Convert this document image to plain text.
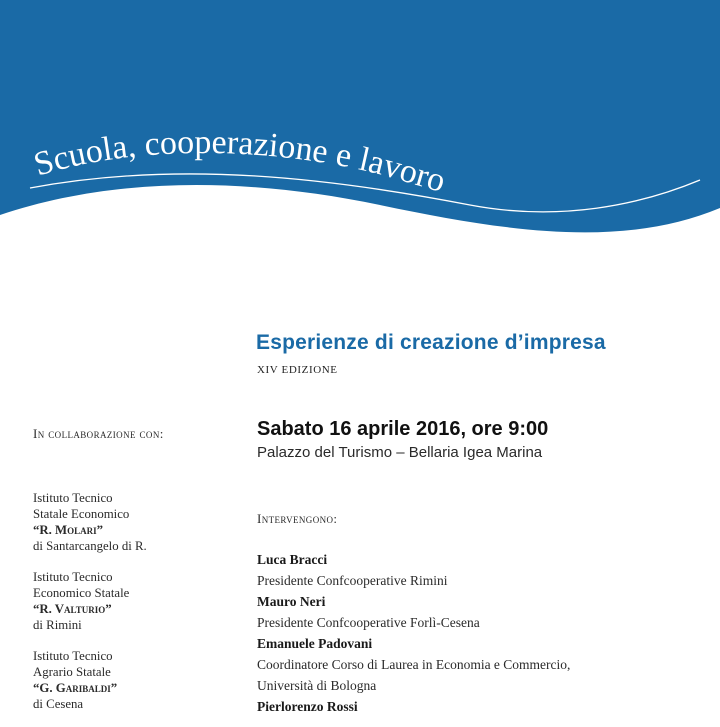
Scuola, cooperazione e lavoro
Esperienze di creazione d’impresa
XIV EDIZIONE
In collaborazione con:
Istituto Tecnico
Statale Economico
“R. Molari”
di Santarcangelo di R.
Istituto Tecnico
Economico Statale
“R. Valturio”
di Rimini
Istituto Tecnico
Agrario Statale
“G. Garibaldi”
di Cesena
Sabato 16 aprile 2016, ore 9:00
Palazzo del Turismo – Bellaria Igea Marina
Intervengono:
Luca Bracci
Presidente Confcooperative Rimini
Mauro Neri
Presidente Confcooperative Forlì-Cesena
Emanuele Padovani
Coordinatore Corso di Laurea in Economia e Commercio,
Università di Bologna
Pierlorenzo Rossi
